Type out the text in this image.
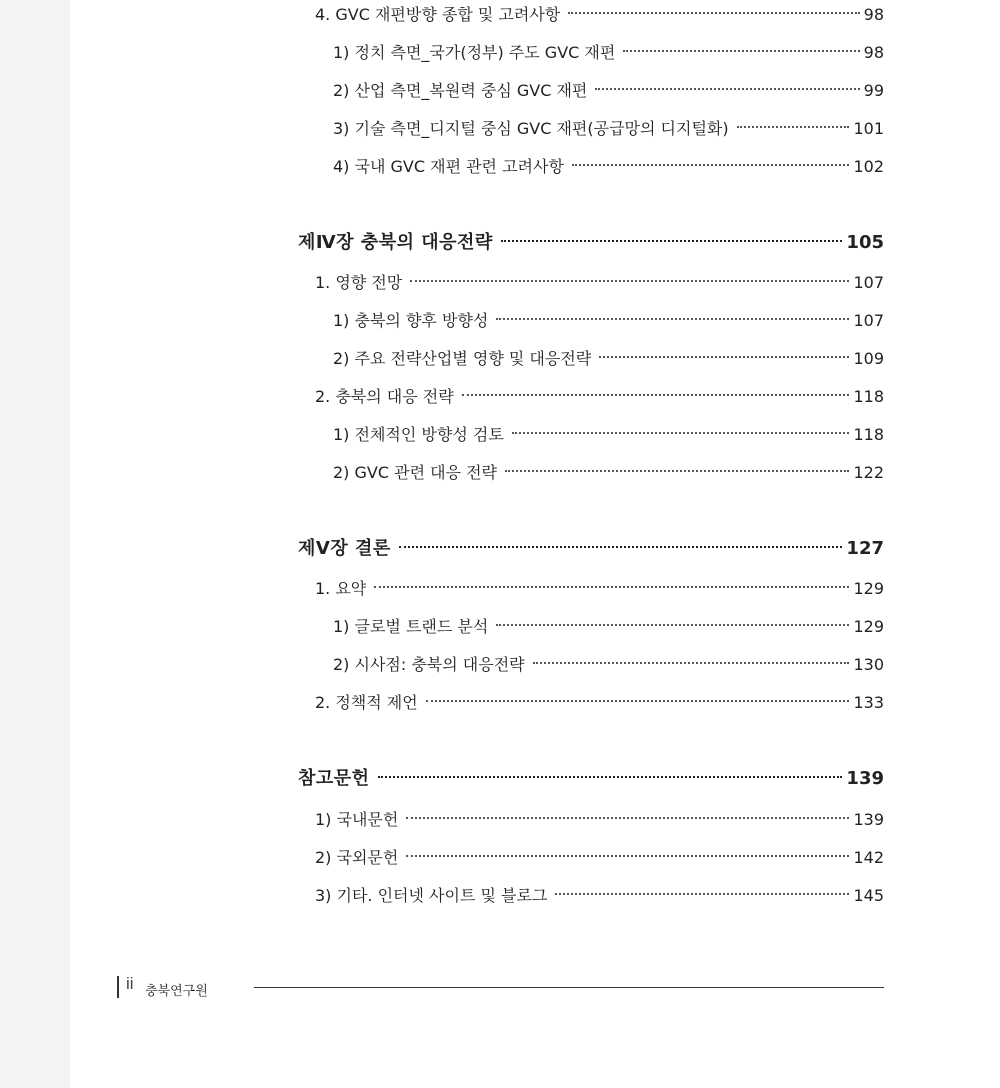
4. GVC 재편방향 종합 및 고려사항	98
1) 정치 측면_국가(정부) 주도 GVC 재편	98
2) 산업 측면_복원력 중심 GVC 재편	99
3) 기술 측면_디지털 중심 GVC 재편(공급망의 디지털화)	101
4) 국내 GVC 재편 관련 고려사항	102
제Ⅳ장 충북의 대응전략	105
1. 영향 전망	107
1) 충북의 향후 방향성	107
2) 주요 전략산업별 영향 및 대응전략	109
2. 충북의 대응 전략	118
1) 전체적인 방향성 검토	118
2) GVC 관련 대응 전략	122
제Ⅴ장 결론	127
1. 요약	129
1) 글로벌 트랜드 분석	129
2) 시사점: 충북의 대응전략	130
2. 정책적 제언	133
참고문헌	139
1) 국내문헌	139
2) 국외문헌	142
3) 기타. 인터넷 사이트 및 블로그	145
ii 충북연구원
